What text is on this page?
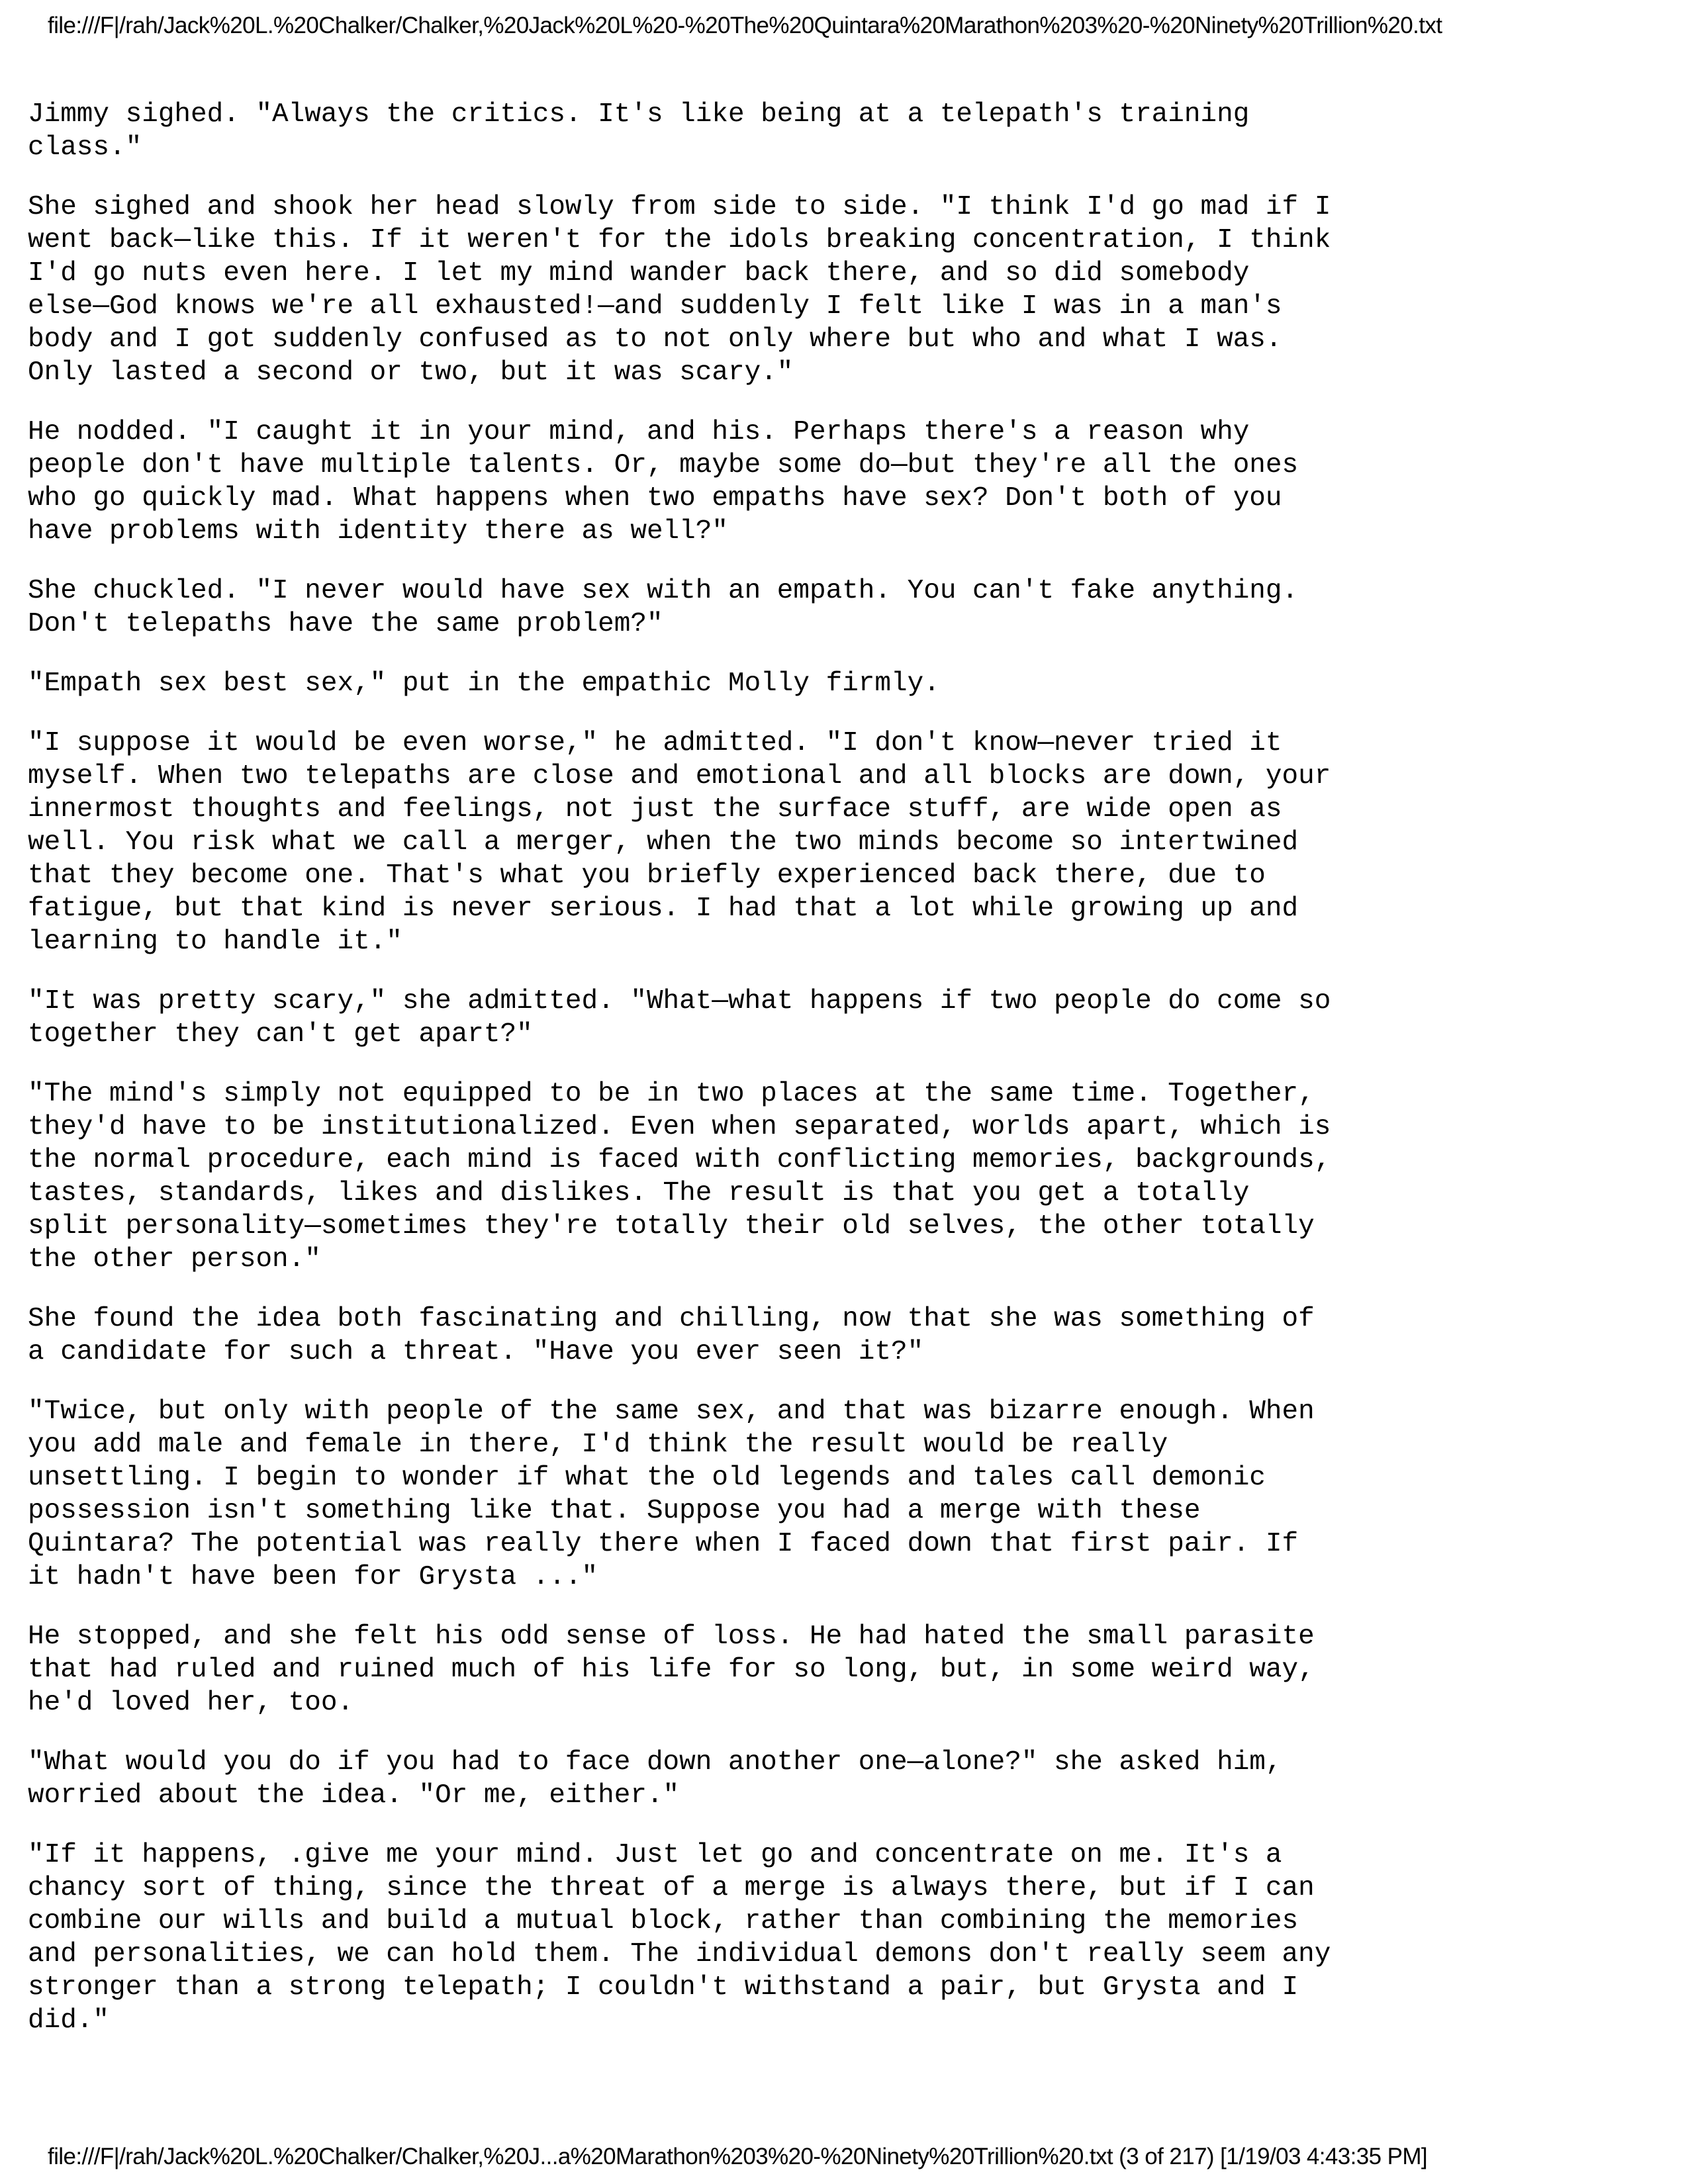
file:///F|/rah/Jack%20L.%20Chalker/Chalker,%20Jack%20L%20-%20The%20Quintara%20Marathon%203%20-%20Ninety%20Trillion%20.txt

Jimmy sighed. "Always the critics. It's like being at a telepath's training
class."

She sighed and shook her head slowly from side to side. "I think I'd go mad if I
went back—like this. If it weren't for the idols breaking concentration, I think
I'd go nuts even here. I let my mind wander back there, and so did somebody
else—God knows we're all exhausted!—and suddenly I felt like I was in a man's
body and I got suddenly confused as to not only where but who and what I was.
Only lasted a second or two, but it was scary."

He nodded. "I caught it in your mind, and his. Perhaps there's a reason why
people don't have multiple talents. Or, maybe some do—but they're all the ones
who go quickly mad. What happens when two empaths have sex? Don't both of you
have problems with identity there as well?"

She chuckled. "I never would have sex with an empath. You can't fake anything.
Don't telepaths have the same problem?"

"Empath sex best sex," put in the empathic Molly firmly.

"I suppose it would be even worse," he admitted. "I don't know—never tried it
myself. When two telepaths are close and emotional and all blocks are down, your
innermost thoughts and feelings, not just the surface stuff, are wide open as
well. You risk what we call a merger, when the two minds become so intertwined
that they become one. That's what you briefly experienced back there, due to
fatigue, but that kind is never serious. I had that a lot while growing up and
learning to handle it."

"It was pretty scary," she admitted. "What—what happens if two people do come so
together they can't get apart?"

"The mind's simply not equipped to be in two places at the same time. Together,
they'd have to be institutionalized. Even when separated, worlds apart, which is
the normal procedure, each mind is faced with conflicting memories, backgrounds,
tastes, standards, likes and dislikes. The result is that you get a totally
split personality—sometimes they're totally their old selves, the other totally
the other person."

She found the idea both fascinating and chilling, now that she was something of
a candidate for such a threat. "Have you ever seen it?"

"Twice, but only with people of the same sex, and that was bizarre enough. When
you add male and female in there, I'd think the result would be really
unsettling. I begin to wonder if what the old legends and tales call demonic
possession isn't something like that. Suppose you had a merge with these
Quintara? The potential was really there when I faced down that first pair. If
it hadn't have been for Grysta ..."

He stopped, and she felt his odd sense of loss. He had hated the small parasite
that had ruled and ruined much of his life for so long, but, in some weird way,
he'd loved her, too.

"What would you do if you had to face down another one—alone?" she asked him,
worried about the idea. "Or me, either."

"If it happens, .give me your mind. Just let go and concentrate on me. It's a
chancy sort of thing, since the threat of a merge is always there, but if I can
combine our wills and build a mutual block, rather than combining the memories
and personalities, we can hold them. The individual demons don't really seem any
stronger than a strong telepath; I couldn't withstand a pair, but Grysta and I
did."

file:///F|/rah/Jack%20L.%20Chalker/Chalker,%20J...a%20Marathon%203%20-%20Ninety%20Trillion%20.txt (3 of 217) [1/19/03 4:43:35 PM]
